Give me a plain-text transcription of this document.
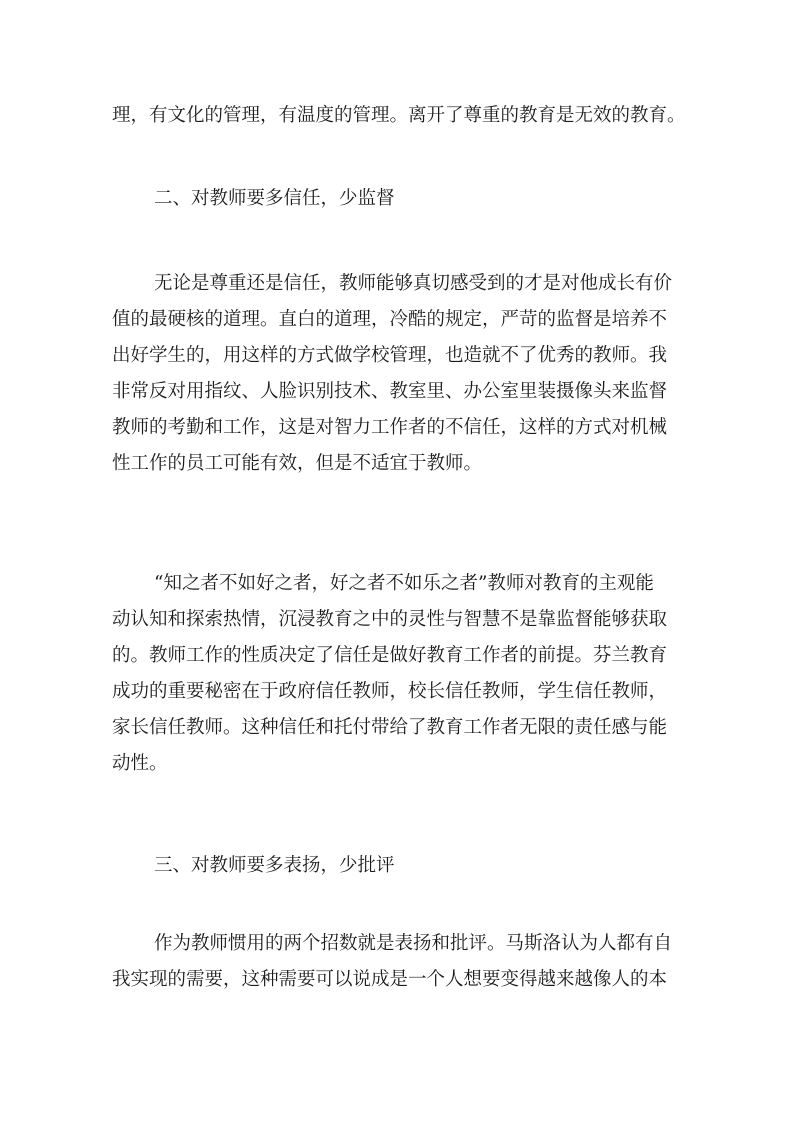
理，有文化的管理，有温度的管理。离开了尊重的教育是无效的教育。
二、对教师要多信任，少监督
无论是尊重还是信任，教师能够真切感受到的才是对他成长有价
值的最硬核的道理。直白的道理，冷酷的规定，严苛的监督是培养不
出好学生的，用这样的方式做学校管理，也造就不了优秀的教师。我
非常反对用指纹、人脸识别技术、教室里、办公室里装摄像头来监督
教师的考勤和工作，这是对智力工作者的不信任，这样的方式对机械
性工作的员工可能有效，但是不适宜于教师。
“知之者不如好之者，好之者不如乐之者”教师对教育的主观能
动认知和探索热情，沉浸教育之中的灵性与智慧不是靠监督能够获取
的。教师工作的性质决定了信任是做好教育工作者的前提。芬兰教育
成功的重要秘密在于政府信任教师，校长信任教师，学生信任教师，
家长信任教师。这种信任和托付带给了教育工作者无限的责任感与能
动性。
三、对教师要多表扬，少批评
作为教师惯用的两个招数就是表扬和批评。马斯洛认为人都有自
我实现的需要，这种需要可以说成是一个人想要变得越来越像人的本
